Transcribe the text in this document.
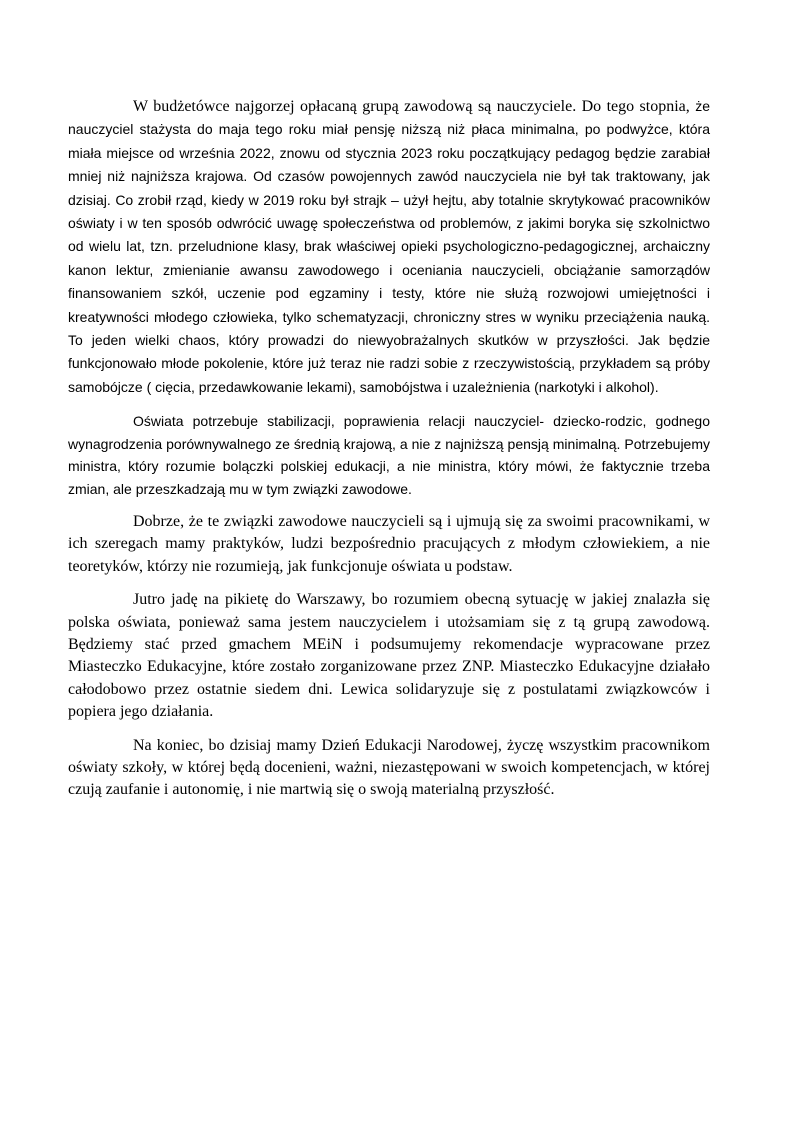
W budżetówce najgorzej opłacaną grupą zawodową są nauczyciele. Do tego stopnia, że nauczyciel stażysta do maja tego roku miał pensję niższą niż płaca minimalna, po podwyżce, która miała miejsce od września 2022, znowu od stycznia 2023 roku początkujący pedagog będzie zarabiał mniej niż najniższa krajowa. Od czasów powojennych zawód nauczyciela nie był tak traktowany, jak dzisiaj. Co zrobił rząd, kiedy w 2019 roku był strajk – użył hejtu, aby totalnie skrytykować pracowników oświaty i w ten sposób odwrócić uwagę społeczeństwa od problemów, z jakimi boryka się szkolnictwo od wielu lat, tzn. przeludnione klasy, brak właściwej opieki psychologiczno-pedagogicznej, archaiczny kanon lektur, zmienianie awansu zawodowego i oceniania nauczycieli, obciążanie samorządów finansowaniem szkół, uczenie pod egzaminy i testy, które nie służą rozwojowi umiejętności i kreatywności młodego człowieka, tylko schematyzacji, chroniczny stres w wyniku przeciążenia nauką. To jeden wielki chaos, który prowadzi do niewyobrażalnych skutków w przyszłości. Jak będzie funkcjonowało młode pokolenie, które już teraz nie radzi sobie z rzeczywistością, przykładem są próby samobójcze ( cięcia, przedawkowanie lekami), samobójstwa i uzależnienia (narkotyki i alkohol).

Oświata potrzebuje stabilizacji, poprawienia relacji nauczyciel- dziecko-rodzic, godnego wynagrodzenia porównywalnego ze średnią krajową, a nie z najniższą pensją minimalną. Potrzebujemy ministra, który rozumie bolączki polskiej edukacji, a nie ministra, który mówi, że faktycznie trzeba zmian, ale przeszkadzają mu w tym związki zawodowe.

Dobrze, że te związki zawodowe nauczycieli są i ujmują się za swoimi pracownikami, w ich szeregach mamy praktyków, ludzi bezpośrednio pracujących z młodym człowiekiem, a nie teoretyków, którzy nie rozumieją, jak funkcjonuje oświata u podstaw.

Jutro jadę na pikietę do Warszawy, bo rozumiem obecną sytuację w jakiej znalazła się polska oświata, ponieważ sama jestem nauczycielem i utożsamiam się z tą grupą zawodową. Będziemy stać przed gmachem MEiN i podsumujemy rekomendacje wypracowane przez Miasteczko Edukacyjne, które zostało zorganizowane przez ZNP. Miasteczko Edukacyjne działało całodobowo przez ostatnie siedem dni. Lewica solidaryzuje się z postulatami związkowców i popiera jego działania.

Na koniec, bo dzisiaj mamy Dzień Edukacji Narodowej, życzę wszystkim pracownikom oświaty szkoły, w której będą docenieni, ważni, niezastępowani w swoich kompetencjach, w której czują zaufanie i autonomię, i nie martwią się o swoją materialną przyszłość.
